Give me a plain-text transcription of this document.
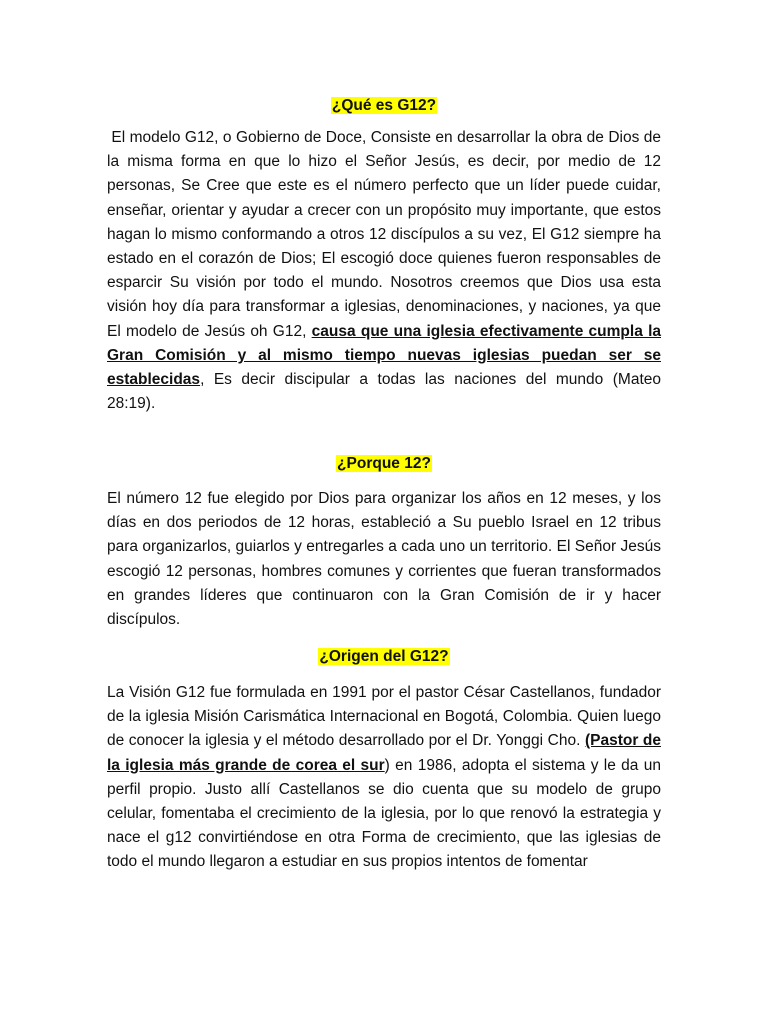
¿Qué es G12?

El modelo G12, o Gobierno de Doce, Consiste en desarrollar la obra de Dios de la misma forma en que lo hizo el Señor Jesús, es decir, por medio de 12 personas, Se Cree que este es el número perfecto que un líder puede cuidar, enseñar, orientar y ayudar a crecer con un propósito muy importante, que estos hagan lo mismo conformando a otros 12 discípulos a su vez, El G12 siempre ha estado en el corazón de Dios; El escogió doce quienes fueron responsables de esparcir Su visión por todo el mundo. Nosotros creemos que Dios usa esta visión hoy día para transformar a iglesias, denominaciones, y naciones, ya que El modelo de Jesús oh G12, causa que una iglesia efectivamente cumpla la Gran Comisión y al mismo tiempo nuevas iglesias puedan ser se establecidas, Es decir discipular a todas las naciones del mundo (Mateo 28:19).

¿Porque 12?

El número 12 fue elegido por Dios para organizar los años en 12 meses, y los días en dos periodos de 12 horas, estableció a Su pueblo Israel en 12 tribus para organizarlos, guiarlos y entregarles a cada uno un territorio. El Señor Jesús escogió 12 personas, hombres comunes y corrientes que fueran transformados en grandes líderes que continuaron con la Gran Comisión de ir y hacer discípulos.

¿Origen del G12?

La Visión G12 fue formulada en 1991 por el pastor César Castellanos, fundador de la iglesia Misión Carismática Internacional en Bogotá, Colombia. Quien luego de conocer la iglesia y el método desarrollado por el Dr. Yonggi Cho. (Pastor de la iglesia más grande de corea el sur) en 1986, adopta el sistema y le da un perfil propio. Justo allí Castellanos se dio cuenta que su modelo de grupo celular, fomentaba el crecimiento de la iglesia, por lo que renovó la estrategia y nace el g12 convirtiéndose en otra Forma de crecimiento, que las iglesias de todo el mundo llegaron a estudiar en sus propios intentos de fomentar
